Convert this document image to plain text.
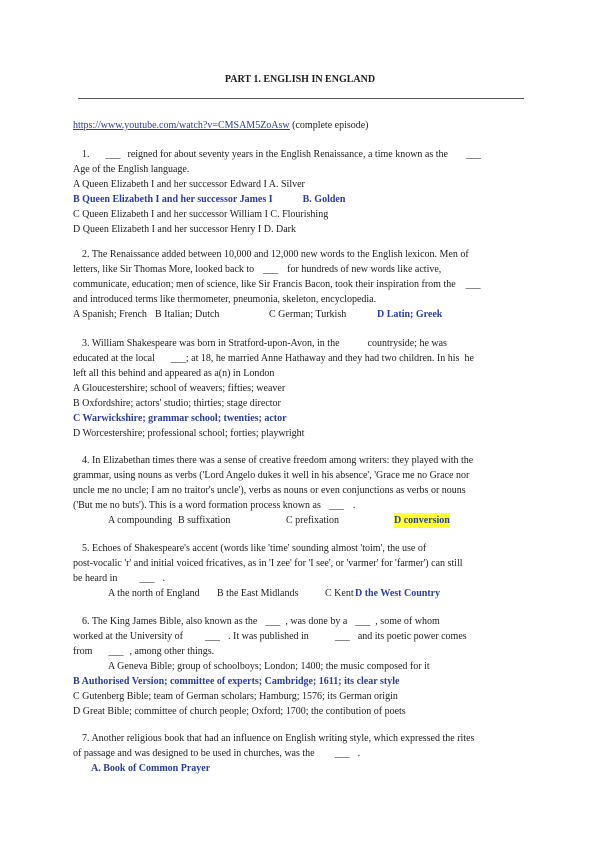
PART 1. ENGLISH IN ENGLAND
https://www.youtube.com/watch?v=CMSAM5ZoAsw (complete episode)
1. ___ reigned for about seventy years in the English Renaissance, a time known as the ___
Age of the English language.
A Queen Elizabeth I and her successor Edward I A. Silver
B Queen Elizabeth I and her successor James I	B. Golden
C Queen Elizabeth I and her successor William I C. Flourishing
D Queen Elizabeth I and her successor Henry I D. Dark
2. The Renaissance added between 10,000 and 12,000 new words to the English lexicon. Men of
letters, like Sir Thomas More, looked back to ___ for hundreds of new words like active,
communicate, education; men of science, like Sir Francis Bacon, took their inspiration from the ___
and introduced terms like thermometer, pneumonia, skeleton, encyclopedia.
A Spanish; French B Italian; Dutch	C German; Turkish	D Latin; Greek
3. William Shakespeare was born in Stratford-upon-Avon, in the	countryside; he was
educated at the local ___; at 18, he married Anne Hathaway and they had two children. In his he
left all this behind and appeared as a(n) in London
A Gloucestershire; school of weavers; fifties; weaver
B Oxfordshire; actors' studio; thirties; stage director
C Warwickshire; grammar school; twenties; actor
D Worcestershire; professional school; forties; playwright
4. In Elizabethan times there was a sense of creative freedom among writers: they played with the
grammar, using nouns as verbs ('Lord Angelo dukes it well in his absence', 'Grace me no Grace nor
uncle me no uncle; I am no traitor's uncle'), verbs as nouns or even conjunctions as verbs or nouns
('But me no buts'). This is a word formation process known as ___ .
A compounding B suffixation	C prefixation	D conversion
5. Echoes of Shakespeare's accent (words like 'time' sounding almost 'toim', the use of
post-vocalic 'r' and initial voiced fricatives, as in 'I zee' for 'I see', or 'varmer' for 'farmer') can still
be heard in ___ .
A the north of England B the East Midlands	C KentD the West Country
6. The King James Bible, also known as the ___ , was done by a ___ , some of whom
worked at the University of ___ . It was published in	___ and its poetic power comes
from ___ , among other things.
A Geneva Bible; group of schoolboys; London; 1400; the music composed for it
B Authorised Version; committee of experts; Cambridge; 1611; its clear style
C Gutenberg Bible; team of German scholars; Hamburg; 1576; its German origin
D Great Bible; committee of church people; Oxford; 1700; the contibution of poets
7. Another religious book that had an influence on English writing style, which expressed the rites
of passage and was designed to be used in churches, was the ___ .
A. Book of Common Prayer
